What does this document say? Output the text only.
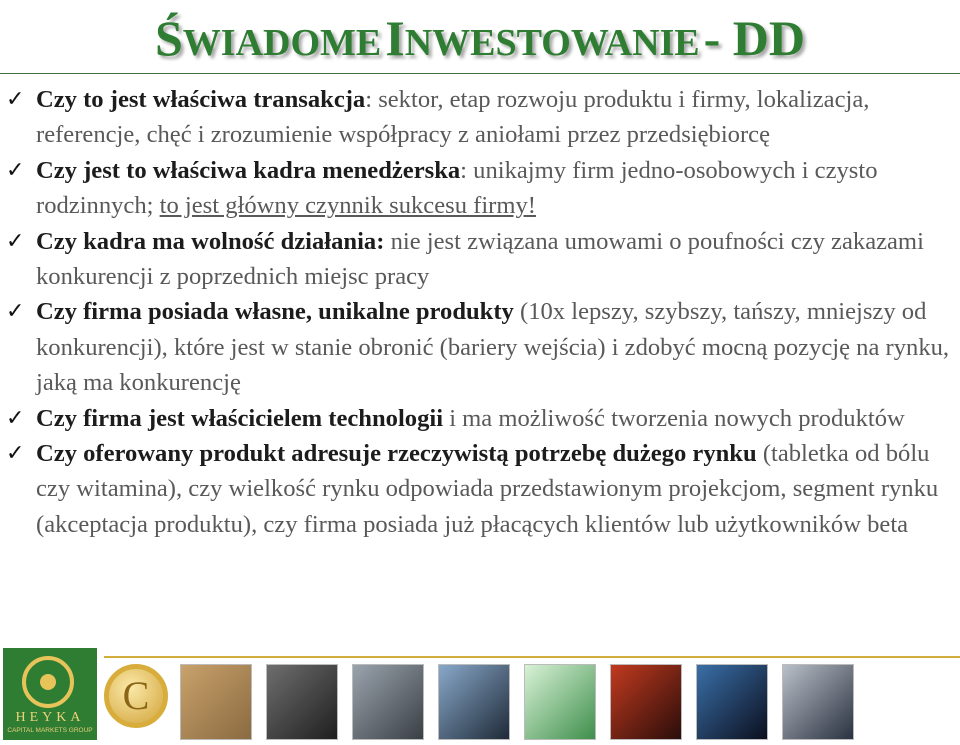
ŚWIADOME INWESTOWANIE - DD

✓ Czy to jest właściwa transakcja: sektor, etap rozwoju produktu i firmy, lokalizacja, referencje, chęć i zrozumienie współpracy z aniołami przez przedsiębiorcę

✓ Czy jest to właściwa kadra menedżerska: unikajmy firm jedno-osobowych i czysto rodzinnych; to jest główny czynnik sukcesu firmy!

✓ Czy kadra ma wolność działania: nie jest związana umowami o poufności czy zakazami konkurencji z poprzednich miejsc pracy

✓ Czy firma posiada własne, unikalne produkty (10x lepszy, szybszy, tańszy, mniejszy od konkurencji), które jest w stanie obronić (bariery wejścia) i zdobyć mocną pozycję na rynku, jaką ma konkurencję

✓ Czy firma jest właścicielem technologii i ma możliwość tworzenia nowych produktów

✓ Czy oferowany produkt adresuje rzeczywistą potrzebę dużego rynku (tabletka od bólu czy witamina), czy wielkość rynku odpowiada przedstawionym projekcjom, segment rynku (akceptacja produktu), czy firma posiada już płacących klientów lub użytkowników beta

HEYKA
CAPITAL MARKETS GROUP
C
